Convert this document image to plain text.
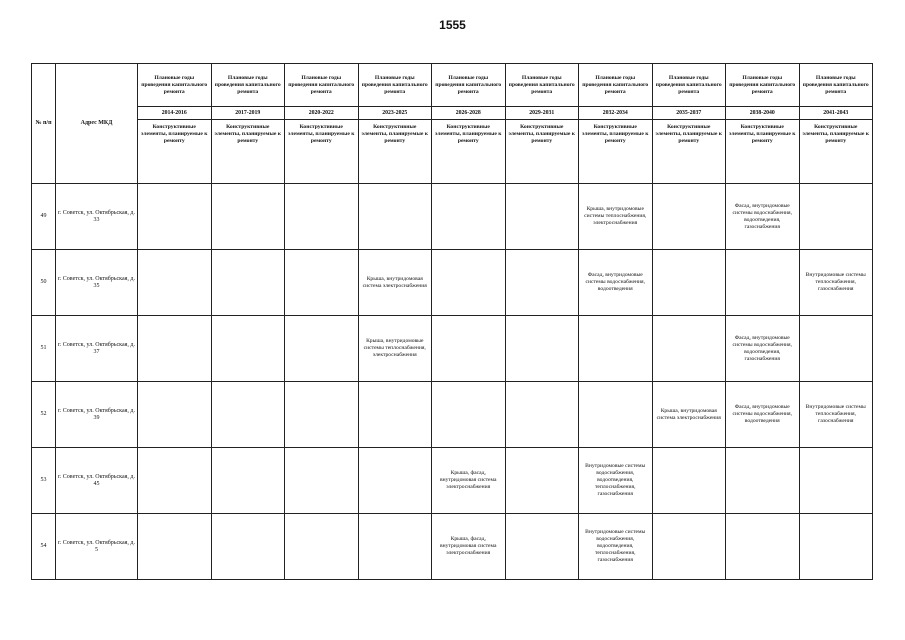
1555
№ п/п	Адрес МКД	Плановые годы проведения капитального ремонта	Плановые годы проведения капитального ремонта	Плановые годы проведения капитального ремонта	Плановые годы проведения капитального ремонта	Плановые годы проведения капитального ремонта	Плановые годы проведения капитального ремонта	Плановые годы проведения капитального ремонта	Плановые годы проведения капитального ремонта	Плановые годы проведения капитального ремонта	Плановые годы проведения капитального ремонта
		2014-2016	2017-2019	2020-2022	2023-2025	2026-2028	2029-2031	2032-2034	2035-2037	2038-2040	2041-2043
		Конструктивные элементы, планируемые к ремонту	Конструктивные элементы, планируемые к ремонту	Конструктивные элементы, планируемые к ремонту	Конструктивные элементы, планируемые к ремонту	Конструктивные элементы, планируемые к ремонту	Конструктивные элементы, планируемые к ремонту	Конструктивные элементы, планируемые к ремонту	Конструктивные элементы, планируемые к ремонту	Конструктивные элементы, планируемые к ремонту	Конструктивные элементы, планируемые к ремонту
49	г. Советск, ул. Октябрьская, д. 33							Крыша, внутридомовые системы теплоснабжения, электроснабжения		Фасад, внутридомовые системы водоснабжения, водоотведения, газоснабжения	
50	г. Советск, ул. Октябрьская, д. 35				Крыша, внутридомовая система электроснабжения			Фасад, внутридомовые системы водоснабжения, водоотведения			Внутридомовые системы теплоснабжения, газоснабжения
51	г. Советск, ул. Октябрьская, д. 37				Крыша, внутридомовые системы теплоснабжения, электроснабжения					Фасад, внутридомовые системы водоснабжения, водоотведения, газоснабжения	
52	г. Советск, ул. Октябрьская, д. 39								Крыша, внутридомовая система электроснабжения	Фасад, внутридомовые системы водоснабжения, водоотведения	Внутридомовые системы теплоснабжения, газоснабжения
53	г. Советск, ул. Октябрьская, д. 45					Крыша, фасад, внутридомовая система электроснабжения		Внутридомовые системы водоснабжения, водоотведения, теплоснабжения, газоснабжения			
54	г. Советск, ул. Октябрьская, д. 5					Крыша, фасад, внутридомовая система электроснабжения		Внутридомовые системы водоснабжения, водоотведения, теплоснабжения, газоснабжения			
